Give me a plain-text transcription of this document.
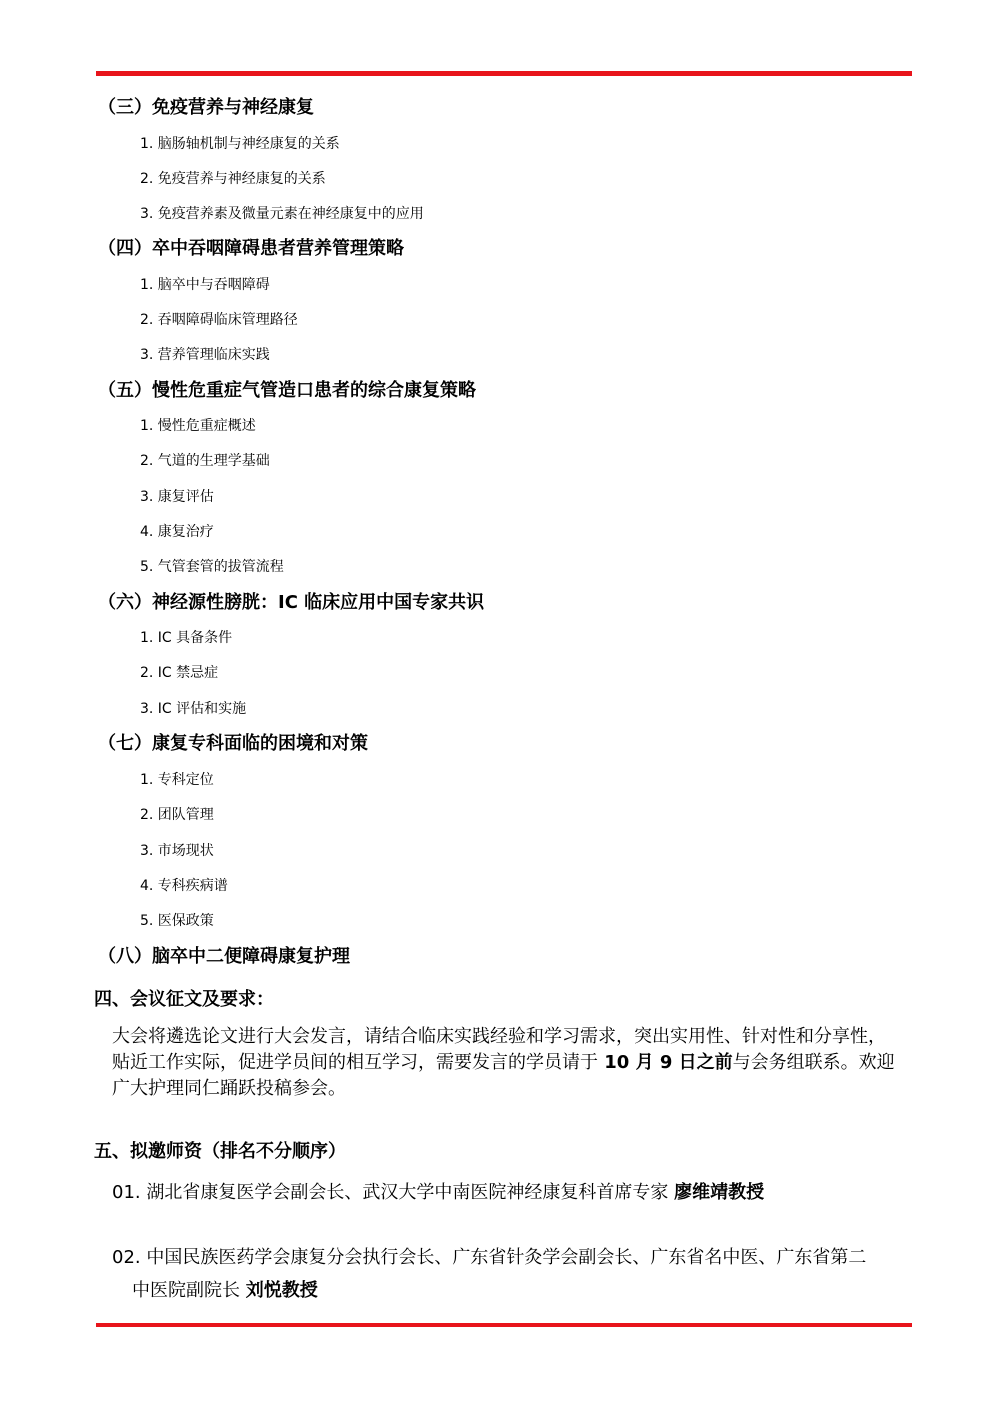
（三）免疫营养与神经康复
1. 脑肠轴机制与神经康复的关系
2. 免疫营养与神经康复的关系
3. 免疫营养素及微量元素在神经康复中的应用
（四）卒中吞咽障碍患者营养管理策略
1. 脑卒中与吞咽障碍
2. 吞咽障碍临床管理路径
3. 营养管理临床实践
（五）慢性危重症气管造口患者的综合康复策略
1. 慢性危重症概述
2. 气道的生理学基础
3. 康复评估
4. 康复治疗
5. 气管套管的拔管流程
（六）神经源性膀胱：IC 临床应用中国专家共识
1. IC 具备条件
2. IC 禁忌症
3. IC 评估和实施
（七）康复专科面临的困境和对策
1. 专科定位
2. 团队管理
3. 市场现状
4. 专科疾病谱
5. 医保政策
（八）脑卒中二便障碍康复护理
四、会议征文及要求：
大会将遴选论文进行大会发言，请结合临床实践经验和学习需求，突出实用性、针对性和分享性，
贴近工作实际，促进学员间的相互学习，需要发言的学员请于 10 月 9 日之前与会务组联系。欢迎
广大护理同仁踊跃投稿参会。
五、拟邀师资（排名不分顺序）
01. 湖北省康复医学会副会长、武汉大学中南医院神经康复科首席专家 廖维靖教授
02. 中国民族医药学会康复分会执行会长、广东省针灸学会副会长、广东省名中医、广东省第二
中医院副院长 刘悦教授
